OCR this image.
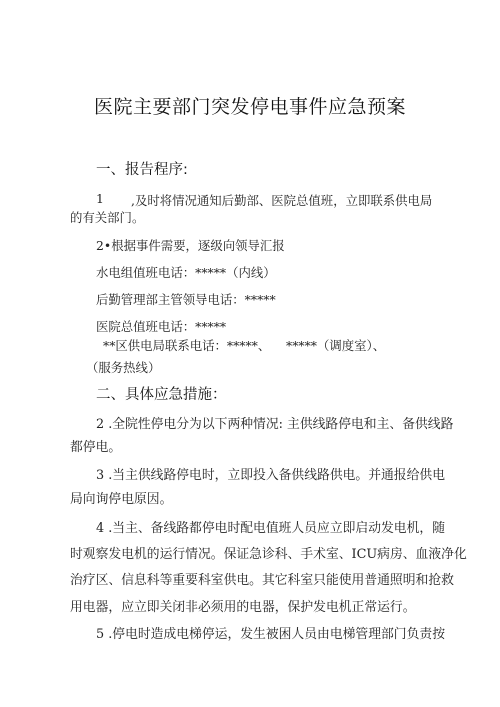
医院主要部门突发停电事件应急预案
一、报告程序:
1 ,及时将情况通知后勤部、医院总值班，立即联系供电局
的有关部门。
2•根据事件需要，逐级向领导汇报
水电组值班电话：*****（内线）
后勤管理部主管领导电话：*****
医院总值班电话：*****
**区供电局联系电话：*****、 *****（调度室）、
（服务热线）
二、具体应急措施：
2 .全院性停电分为以下两种情况: 主供线路停电和主、备供线路
都停电。
3 .当主供线路停电时，立即投入备供线路供电。并通报给供电
局向询停电原因。
4 .当主、备线路都停电时配电值班人员应立即启动发电机，随
时观察发电机的运行情况。保证急诊科、手术室、ICU病房、血液净化
治疗区、信息科等重要科室供电。其它科室只能使用普通照明和抢救
用电器，应立即关闭非必须用的电器，保护发电机正常运行。
5 .停电时造成电梯停运，发生被困人员由电梯管理部门负责按
